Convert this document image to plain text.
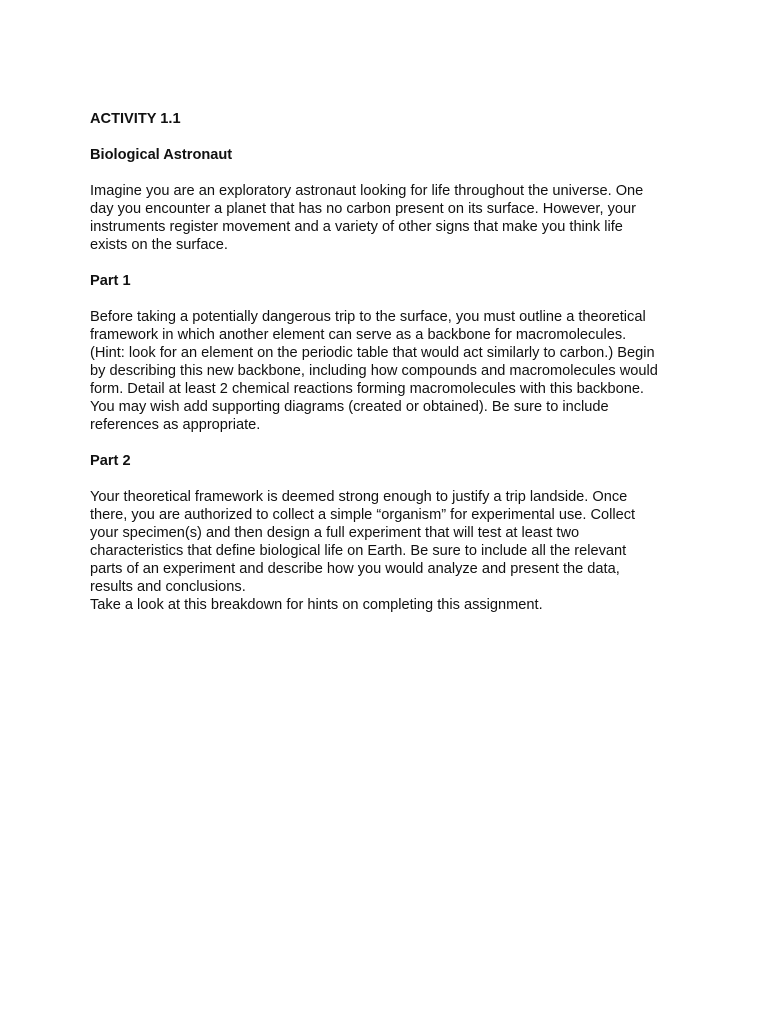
ACTIVITY 1.1
Biological Astronaut
Imagine you are an exploratory astronaut looking for life throughout the universe. One
day you encounter a planet that has no carbon present on its surface. However, your
instruments register movement and a variety of other signs that make you think life
exists on the surface.
Part 1
Before taking a potentially dangerous trip to the surface, you must outline a theoretical
framework in which another element can serve as a backbone for macromolecules.
(Hint: look for an element on the periodic table that would act similarly to carbon.) Begin
by describing this new backbone, including how compounds and macromolecules would
form. Detail at least 2 chemical reactions forming macromolecules with this backbone.
You may wish add supporting diagrams (created or obtained). Be sure to include
references as appropriate.
Part 2
Your theoretical framework is deemed strong enough to justify a trip landside. Once
there, you are authorized to collect a simple “organism” for experimental use. Collect
your specimen(s) and then design a full experiment that will test at least two
characteristics that define biological life on Earth. Be sure to include all the relevant
parts of an experiment and describe how you would analyze and present the data,
results and conclusions.
Take a look at this breakdown for hints on completing this assignment.
